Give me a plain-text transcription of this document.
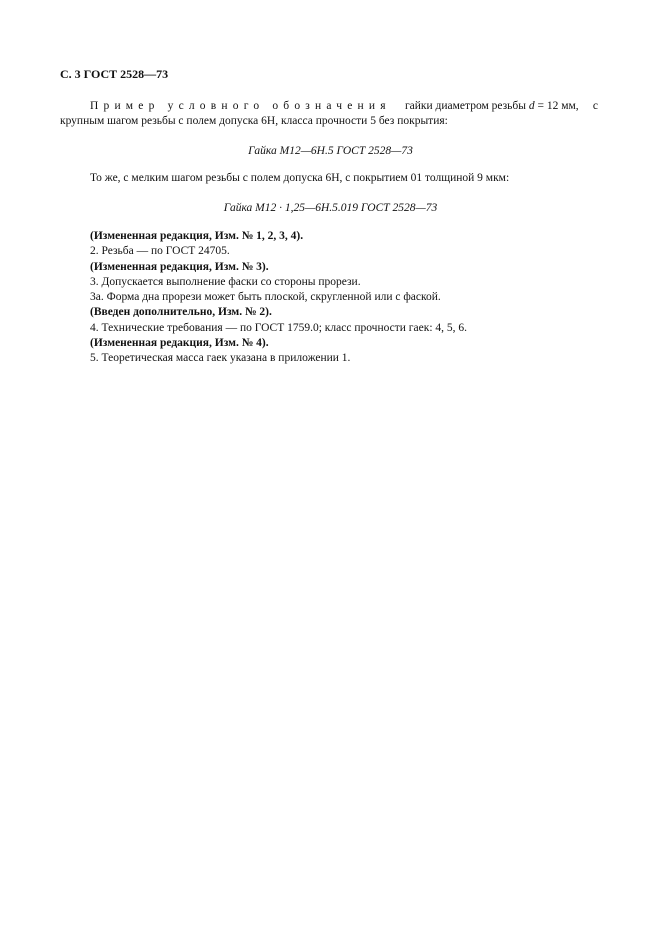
С. 3 ГОСТ 2528—73
Пример условного обозначения гайки диаметром резьбы d = 12 мм, с
крупным шагом резьбы с полем допуска 6Н, класса прочности 5 без покрытия:
Гайка М12—6Н.5 ГОСТ 2528—73
То же, с мелким шагом резьбы с полем допуска 6Н, с покрытием 01 толщиной 9 мкм:
Гайка М12 · 1,25—6Н.5.019 ГОСТ 2528—73
(Измененная редакция, Изм. № 1, 2, 3, 4).
2. Резьба — по ГОСТ 24705.
(Измененная редакция, Изм. № 3).
3. Допускается выполнение фаски со стороны прорези.
3а. Форма дна прорези может быть плоской, скругленной или с фаской.
(Введен дополнительно, Изм. № 2).
4. Технические требования — по ГОСТ 1759.0; класс прочности гаек: 4, 5, 6.
(Измененная редакция, Изм. № 4).
5. Теоретическая масса гаек указана в приложении 1.
